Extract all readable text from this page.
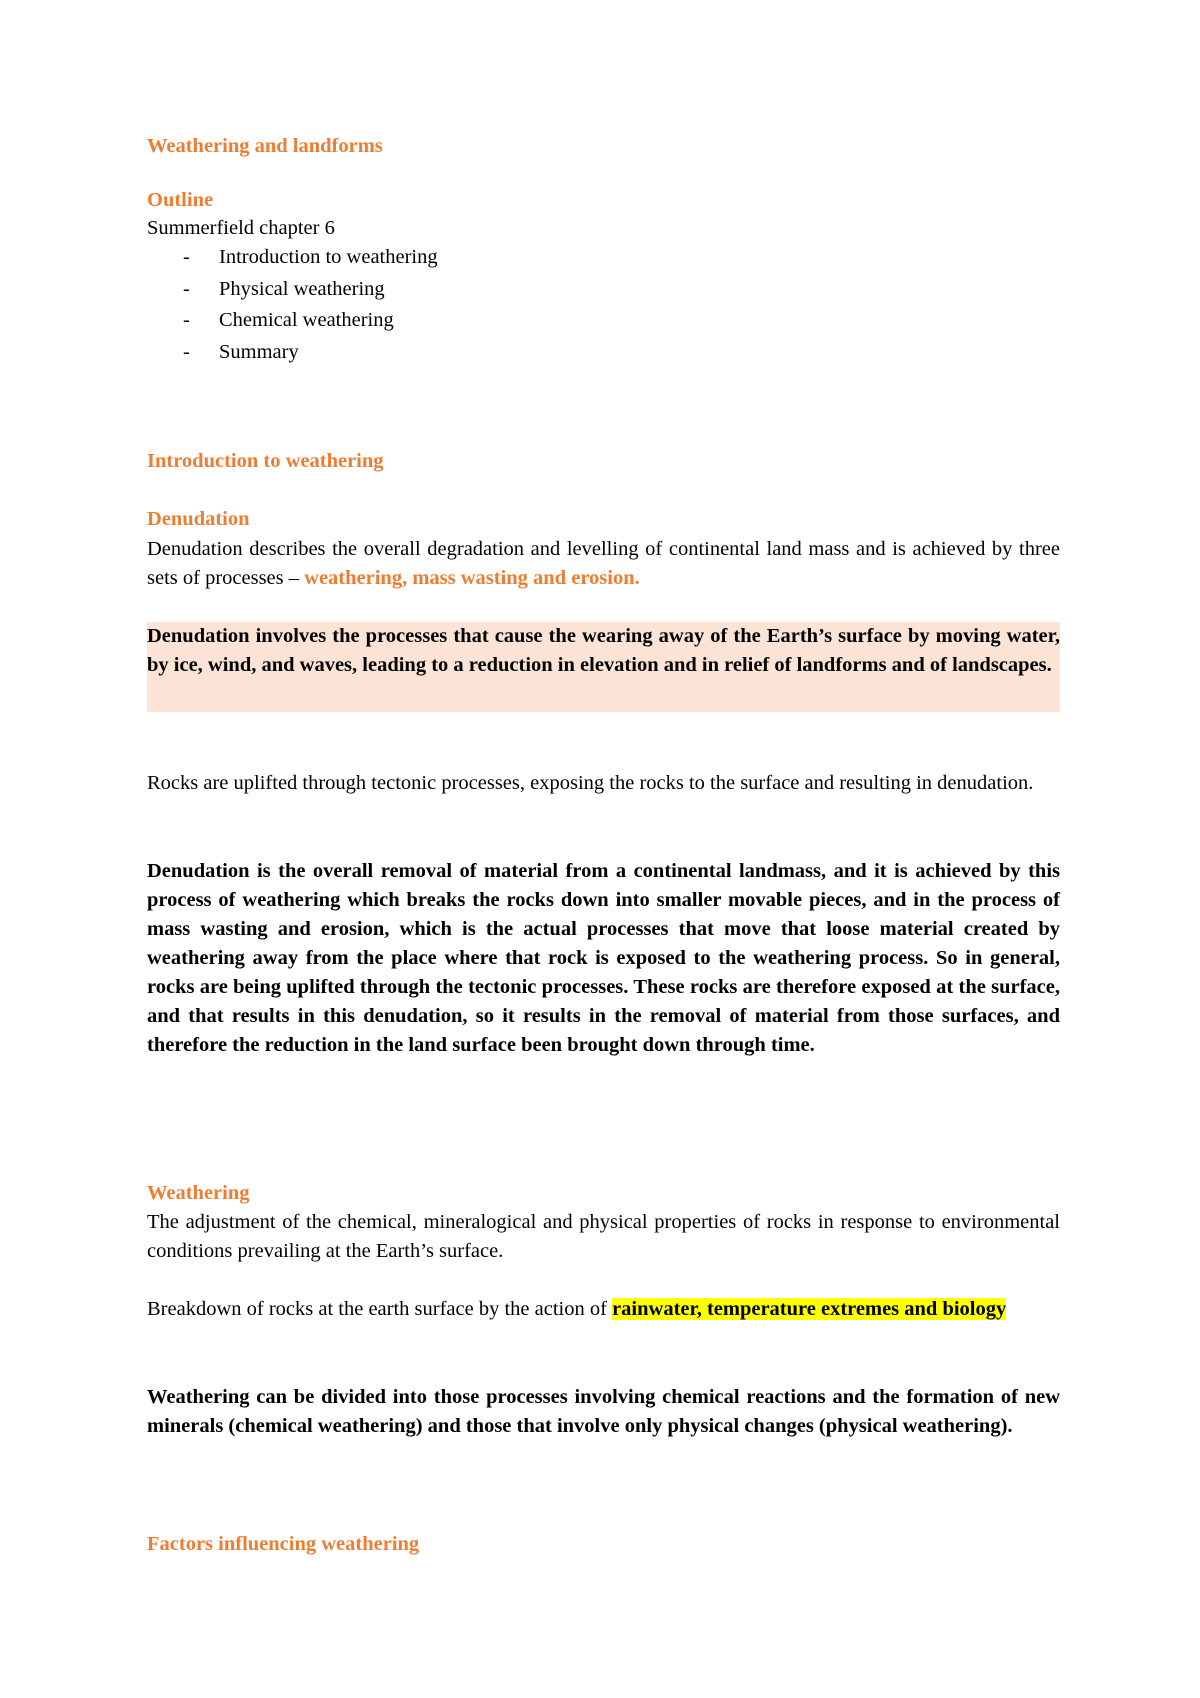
Weathering and landforms
Outline
Summerfield chapter 6
- Introduction to weathering
- Physical weathering
- Chemical weathering
- Summary
Introduction to weathering
Denudation
Denudation describes the overall degradation and levelling of continental land mass and is achieved by three sets of processes – weathering, mass wasting and erosion.
Denudation involves the processes that cause the wearing away of the Earth’s surface by moving water, by ice, wind, and waves, leading to a reduction in elevation and in relief of landforms and of landscapes.
Rocks are uplifted through tectonic processes, exposing the rocks to the surface and resulting in denudation.
Denudation is the overall removal of material from a continental landmass, and it is achieved by this process of weathering which breaks the rocks down into smaller movable pieces, and in the process of mass wasting and erosion, which is the actual processes that move that loose material created by weathering away from the place where that rock is exposed to the weathering process. So in general, rocks are being uplifted through the tectonic processes. These rocks are therefore exposed at the surface, and that results in this denudation, so it results in the removal of material from those surfaces, and therefore the reduction in the land surface been brought down through time.
Weathering
The adjustment of the chemical, mineralogical and physical properties of rocks in response to environmental conditions prevailing at the Earth’s surface.
Breakdown of rocks at the earth surface by the action of rainwater, temperature extremes and biology
Weathering can be divided into those processes involving chemical reactions and the formation of new minerals (chemical weathering) and those that involve only physical changes (physical weathering).
Factors influencing weathering
